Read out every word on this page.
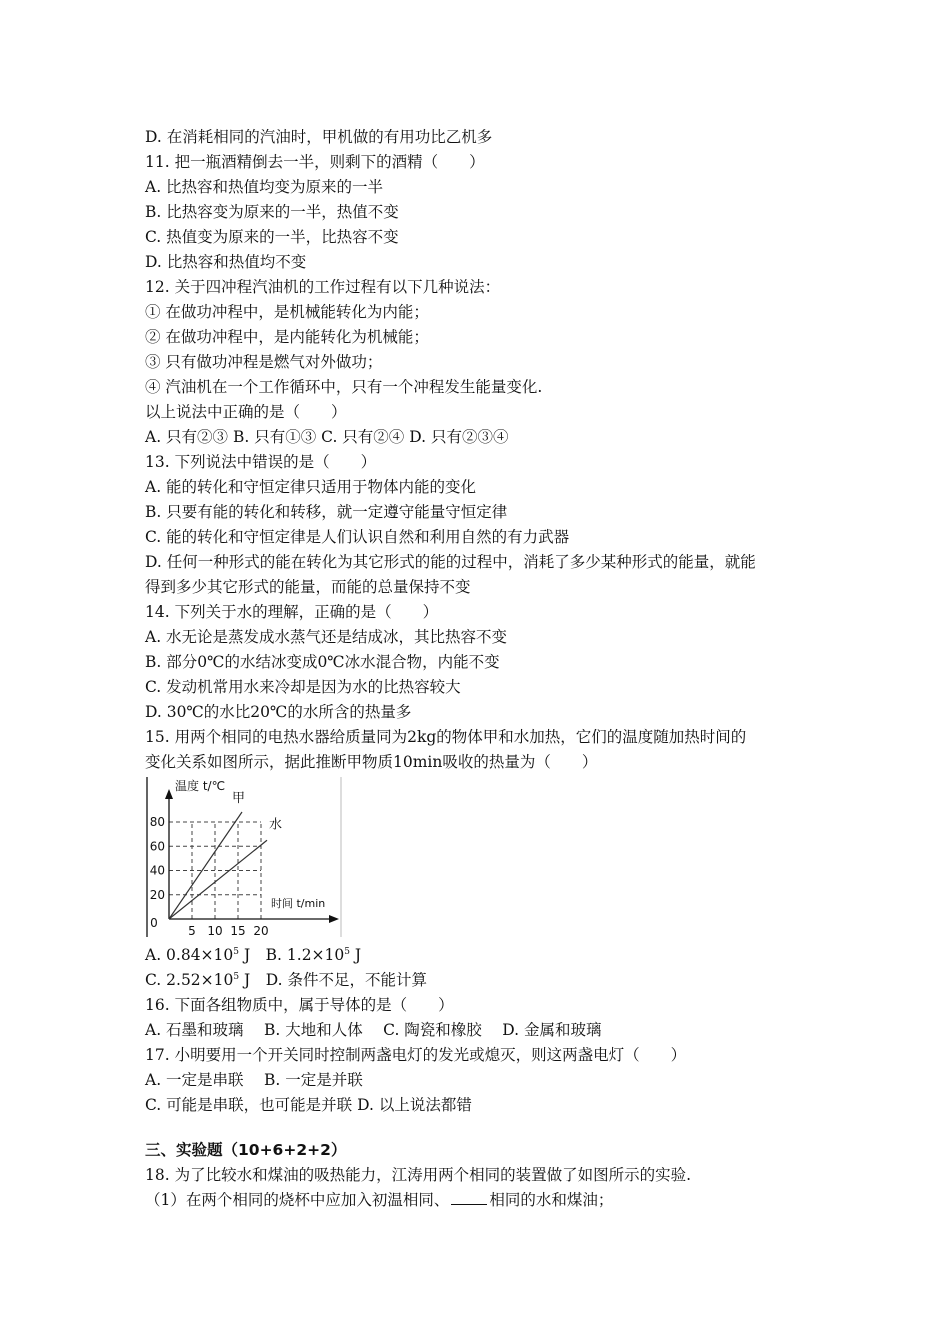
D. 在消耗相同的汽油时，甲机做的有用功比乙机多
11. 把一瓶酒精倒去一半，则剩下的酒精（　　）
A. 比热容和热值均变为原来的一半
B. 比热容变为原来的一半，热值不变
C. 热值变为原来的一半，比热容不变
D. 比热容和热值均不变
12. 关于四冲程汽油机的工作过程有以下几种说法：
① 在做功冲程中，是机械能转化为内能；
② 在做功冲程中，是内能转化为机械能；
③ 只有做功冲程是燃气对外做功；
④ 汽油机在一个工作循环中，只有一个冲程发生能量变化.
以上说法中正确的是（　　）
A. 只有②③ B. 只有①③ C. 只有②④ D. 只有②③④
13. 下列说法中错误的是（　　）
A. 能的转化和守恒定律只适用于物体内能的变化
B. 只要有能的转化和转移，就一定遵守能量守恒定律
C. 能的转化和守恒定律是人们认识自然和利用自然的有力武器
D. 任何一种形式的能在转化为其它形式的能的过程中，消耗了多少某种形式的能量，就能
得到多少其它形式的能量，而能的总量保持不变
14. 下列关于水的理解，正确的是（　　）
A. 水无论是蒸发成水蒸气还是结成冰，其比热容不变
B. 部分0℃的水结冰变成0℃冰水混合物，内能不变
C. 发动机常用水来冷却是因为水的比热容较大
D. 30℃的水比20℃的水所含的热量多
15. 用两个相同的电热水器给质量同为2kg的物体甲和水加热，它们的温度随加热时间的
变化关系如图所示，据此推断甲物质10min吸收的热量为（　　）
20
40
60
80
5 10 15 20
0
温度 t/℃
时间 t/min
甲
水
A. $0.84\times 10^5$ J　B. $1.2\times 10^5$ J
C. $2.52\times 10^5$ J　D. 条件不足，不能计算
16. 下面各组物质中，属于导体的是（　　）
A. 石墨和玻璃　 B. 大地和人体　 C. 陶瓷和橡胶　 D. 金属和玻璃
17. 小明要用一个开关同时控制两盏电灯的发光或熄灭，则这两盏电灯（　　）
A. 一定是串联　 B. 一定是并联
C. 可能是串联，也可能是并联 D. 以上说法都错
三、实验题（10+6+2+2）
18. 为了比较水和煤油的吸热能力，江涛用两个相同的装置做了如图所示的实验.
（1）在两个相同的烧杯中应加入初温相同、	相同的水和煤油；
